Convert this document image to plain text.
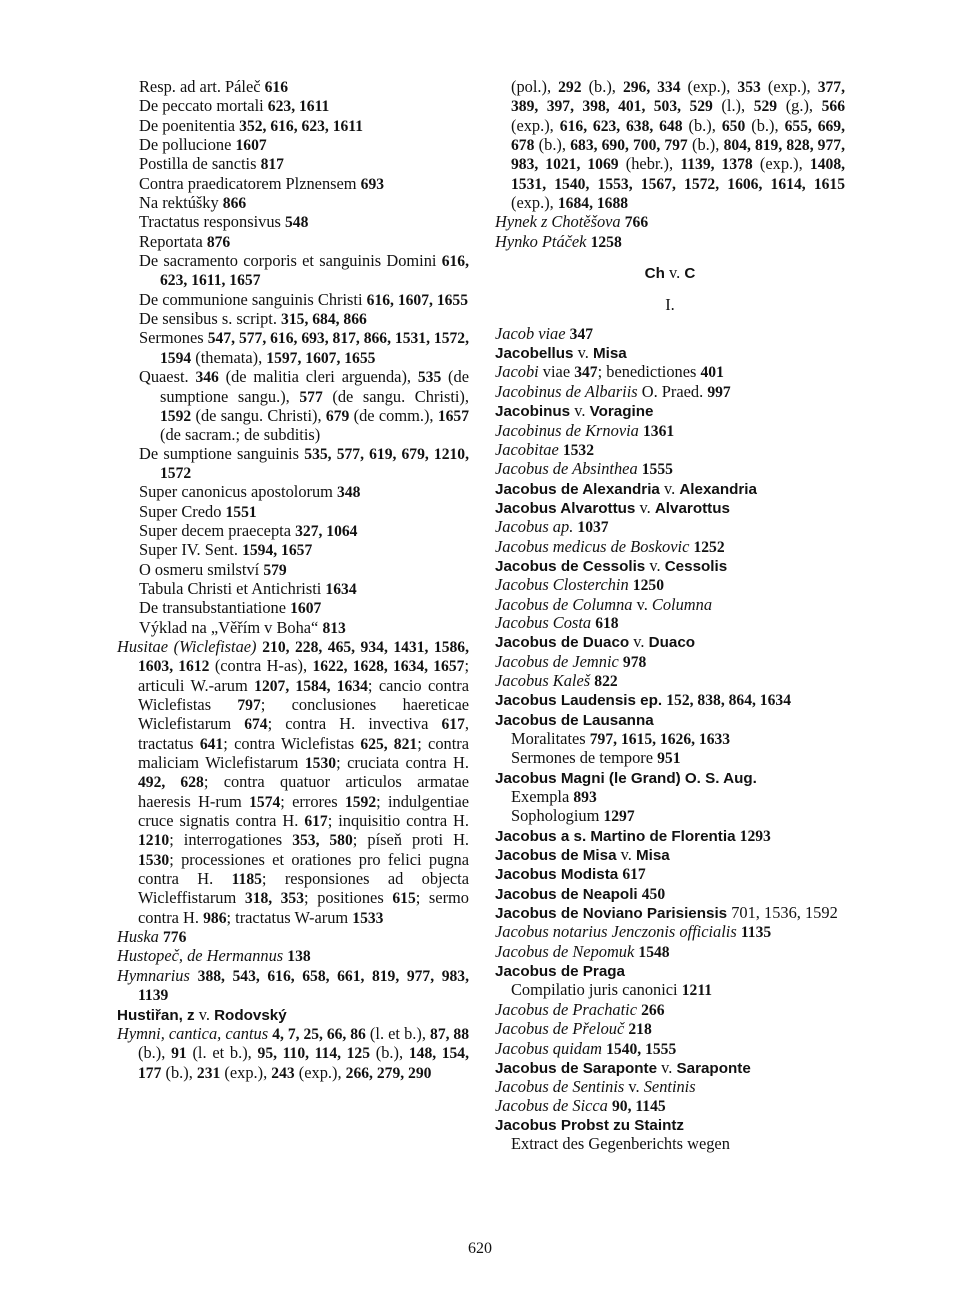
Resp. ad art. Páleč 616

De peccato mortali 623, 1611

De poenitentia 352, 616, 623, 1611

De pollucione 1607

Postilla de sanctis 817

Contra praedicatorem Plznensem 693

Na rektúšky 866

Tractatus responsivus 548

Reportata 876

De sacramento corporis et sanguinis Domini 616, 623, 1611, 1657

De communione sanguinis Christi 616, 1607, 1655

De sensibus s. script. 315, 684, 866

Sermones 547, 577, 616, 693, 817, 866, 1531, 1572, 1594 (themata), 1597, 1607, 1655

Quaest. 346 (de malitia cleri arguenda), 535 (de sumptione sangu.), 577 (de sangu. Christi), 1592 (de sangu. Christi), 679 (de comm.), 1657 (de sacram.; de subditis)

De sumptione sanguinis 535, 577, 619, 679, 1210, 1572

Super canonicus apostolorum 348

Super Credo 1551

Super decem praecepta 327, 1064

Super IV. Sent. 1594, 1657

O osmeru smilství 579

Tabula Christi et Antichristi 1634

De transubstantiatione 1607

Výklad na „Věřím v Boha“ 813

Husitae (Wiclefistae) 210, 228, 465, 934, 1431, 1586, 1603, 1612 (contra H-as), 1622, 1628, 1634, 1657; articuli W.-arum 1207, 1584, 1634; cancio contra Wiclefistas 797; conclusiones haereticae Wiclefistarum 674; contra H. invectiva 617, tractatus 641; contra Wiclefistas 625, 821; contra maliciam Wiclefistarum 1530; cruciata contra H. 492, 628; contra quatuor articulos armatae haeresis H-rum 1574; errores 1592; indulgentiae cruce signatis contra H. 617; inquisitio contra H. 1210; interrogationes 353, 580; píseň proti H. 1530; processiones et orationes pro felici pugna contra H. 1185; responsiones ad objecta Wicleffistarum 318, 353; positiones 615; sermo contra H. 986; tractatus W-arum 1533

Huska 776

Hustopeč, de Hermannus 138

Hymnarius 388, 543, 616, 658, 661, 819, 977, 983, 1139

Hustiřan, z v. Rodovský

Hymni, cantica, cantus 4, 7, 25, 66, 86 (l. et b.), 87, 88 (b.), 91 (l. et b.), 95, 110, 114, 125 (b.), 148, 154, 177 (b.), 231 (exp.), 243 (exp.), 266, 279, 290

(pol.), 292 (b.), 296, 334 (exp.), 353 (exp.), 377, 389, 397, 398, 401, 503, 529 (l.), 529 (g.), 566 (exp.), 616, 623, 638, 648 (b.), 650 (b.), 655, 669, 678 (b.), 683, 690, 700, 797 (b.), 804, 819, 828, 977, 983, 1021, 1069 (hebr.), 1139, 1378 (exp.), 1408, 1531, 1540, 1553, 1567, 1572, 1606, 1614, 1615 (exp.), 1684, 1688

Hynek z Chotěšova 766

Hynko Ptáček 1258

Ch v. C

I.

Jacob viae 347

Jacobellus v. Misa

Jacobi viae 347; benedictiones 401

Jacobinus de Albariis O. Praed. 997

Jacobinus v. Voragine

Jacobinus de Krnovia 1361

Jacobitae 1532

Jacobus de Absinthea 1555

Jacobus de Alexandria v. Alexandria

Jacobus Alvarottus v. Alvarottus

Jacobus ap. 1037

Jacobus medicus de Boskovic 1252

Jacobus de Cessolis v. Cessolis

Jacobus Closterchin 1250

Jacobus de Columna v. Columna

Jacobus Costa 618

Jacobus de Duaco v. Duaco

Jacobus de Jemnic 978

Jacobus Kaleš 822

Jacobus Laudensis ep. 152, 838, 864, 1634

Jacobus de Lausanna

Moralitates 797, 1615, 1626, 1633

Sermones de tempore 951

Jacobus Magni (le Grand) O. S. Aug.

Exempla 893

Sophologium 1297

Jacobus a s. Martino de Florentia 1293

Jacobus de Misa v. Misa

Jacobus Modista 617

Jacobus de Neapoli 450

Jacobus de Noviano Parisiensis 701, 1536, 1592

Jacobus notarius Jenczonis officialis 1135

Jacobus de Nepomuk 1548

Jacobus de Praga

Compilatio juris canonici 1211

Jacobus de Prachatic 266

Jacobus de Přelouč 218

Jacobus quidam 1540, 1555

Jacobus de Saraponte v. Saraponte

Jacobus de Sentinis v. Sentinis

Jacobus de Sicca 90, 1145

Jacobus Probst zu Staintz

Extract des Gegenberichts wegen

620
